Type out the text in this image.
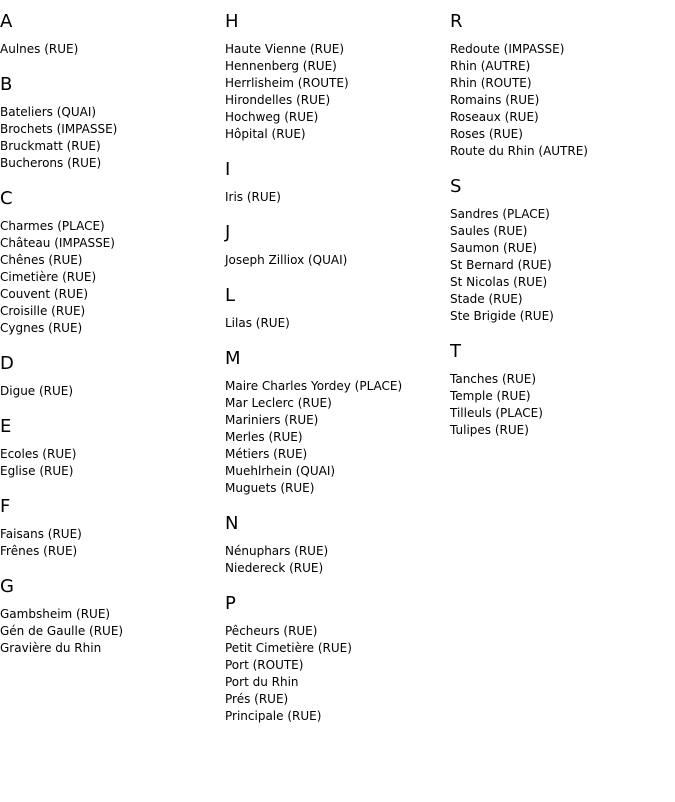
A
Aulnes (RUE)
B
Bateliers (QUAI)
Brochets (IMPASSE)
Bruckmatt (RUE)
Bucherons (RUE)
C
Charmes (PLACE)
Château (IMPASSE)
Chênes (RUE)
Cimetière (RUE)
Couvent (RUE)
Croisille (RUE)
Cygnes (RUE)
D
Digue (RUE)
E
Ecoles (RUE)
Eglise (RUE)
F
Faisans (RUE)
Frênes (RUE)
G
Gambsheim (RUE)
Gén de Gaulle (RUE)
Gravière du Rhin
H
Haute Vienne (RUE)
Hennenberg (RUE)
Herrlisheim (ROUTE)
Hirondelles (RUE)
Hochweg (RUE)
Hôpital (RUE)
I
Iris (RUE)
J
Joseph Zilliox (QUAI)
L
Lilas (RUE)
M
Maire Charles Yordey (PLACE)
Mar Leclerc (RUE)
Mariniers (RUE)
Merles (RUE)
Métiers (RUE)
Muehlrhein (QUAI)
Muguets (RUE)
N
Nénuphars (RUE)
Niedereck (RUE)
P
Pêcheurs (RUE)
Petit Cimetière (RUE)
Port (ROUTE)
Port du Rhin
Prés (RUE)
Principale (RUE)
R
Redoute (IMPASSE)
Rhin (AUTRE)
Rhin (ROUTE)
Romains (RUE)
Roseaux (RUE)
Roses (RUE)
Route du Rhin (AUTRE)
S
Sandres (PLACE)
Saules (RUE)
Saumon (RUE)
St Bernard (RUE)
St Nicolas (RUE)
Stade (RUE)
Ste Brigide (RUE)
T
Tanches (RUE)
Temple (RUE)
Tilleuls (PLACE)
Tulipes (RUE)
